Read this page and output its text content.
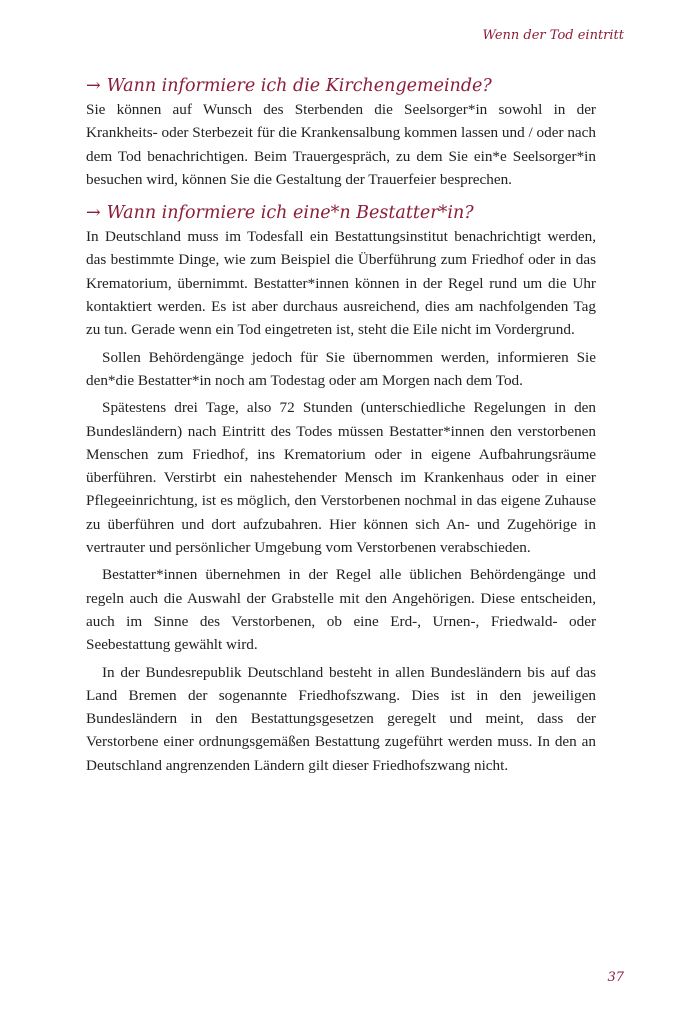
Wenn der Tod eintritt
→ Wann informiere ich die Kirchengemeinde?

Sie können auf Wunsch des Sterbenden die Seelsorger*in sowohl in der Krankheits- oder Sterbezeit für die Krankensalbung kommen lassen und / oder nach dem Tod benachrichtigen. Beim Trauergespräch, zu dem Sie ein*e Seelsorger*in besuchen wird, können Sie die Gestaltung der Trauerfeier besprechen.

→ Wann informiere ich eine*n Bestatter*in?

In Deutschland muss im Todesfall ein Bestattungsinstitut benachrichtigt werden, das bestimmte Dinge, wie zum Beispiel die Überführung zum Friedhof oder in das Krematorium, übernimmt. Bestatter*innen können in der Regel rund um die Uhr kontaktiert werden. Es ist aber durchaus ausreichend, dies am nachfolgenden Tag zu tun. Gerade wenn ein Tod eingetreten ist, steht die Eile nicht im Vordergrund.

Sollen Behördengänge jedoch für Sie übernommen werden, informieren Sie den*die Bestatter*in noch am Todestag oder am Morgen nach dem Tod.

Spätestens drei Tage, also 72 Stunden (unterschiedliche Regelungen in den Bundesländern) nach Eintritt des Todes müssen Bestatter*innen den verstorbenen Menschen zum Friedhof, ins Krematorium oder in eigene Aufbahrungsräume überführen. Verstirbt ein nahestehender Mensch im Krankenhaus oder in einer Pflegeeinrichtung, ist es möglich, den Verstorbenen nochmal in das eigene Zuhause zu überführen und dort aufzubahren. Hier können sich An- und Zugehörige in vertrauter und persönlicher Umgebung vom Verstorbenen verabschieden.

Bestatter*innen übernehmen in der Regel alle üblichen Behördengänge und regeln auch die Auswahl der Grabstelle mit den Angehörigen. Diese entscheiden, auch im Sinne des Verstorbenen, ob eine Erd-, Urnen-, Friedwald- oder Seebestattung gewählt wird.

In der Bundesrepublik Deutschland besteht in allen Bundesländern bis auf das Land Bremen der sogenannte Friedhofszwang. Dies ist in den jeweiligen Bundesländern in den Bestattungsgesetzen geregelt und meint, dass der Verstorbene einer ordnungsgemäßen Bestattung zugeführt werden muss. In den an Deutschland angrenzenden Ländern gilt dieser Friedhofszwang nicht.

37
